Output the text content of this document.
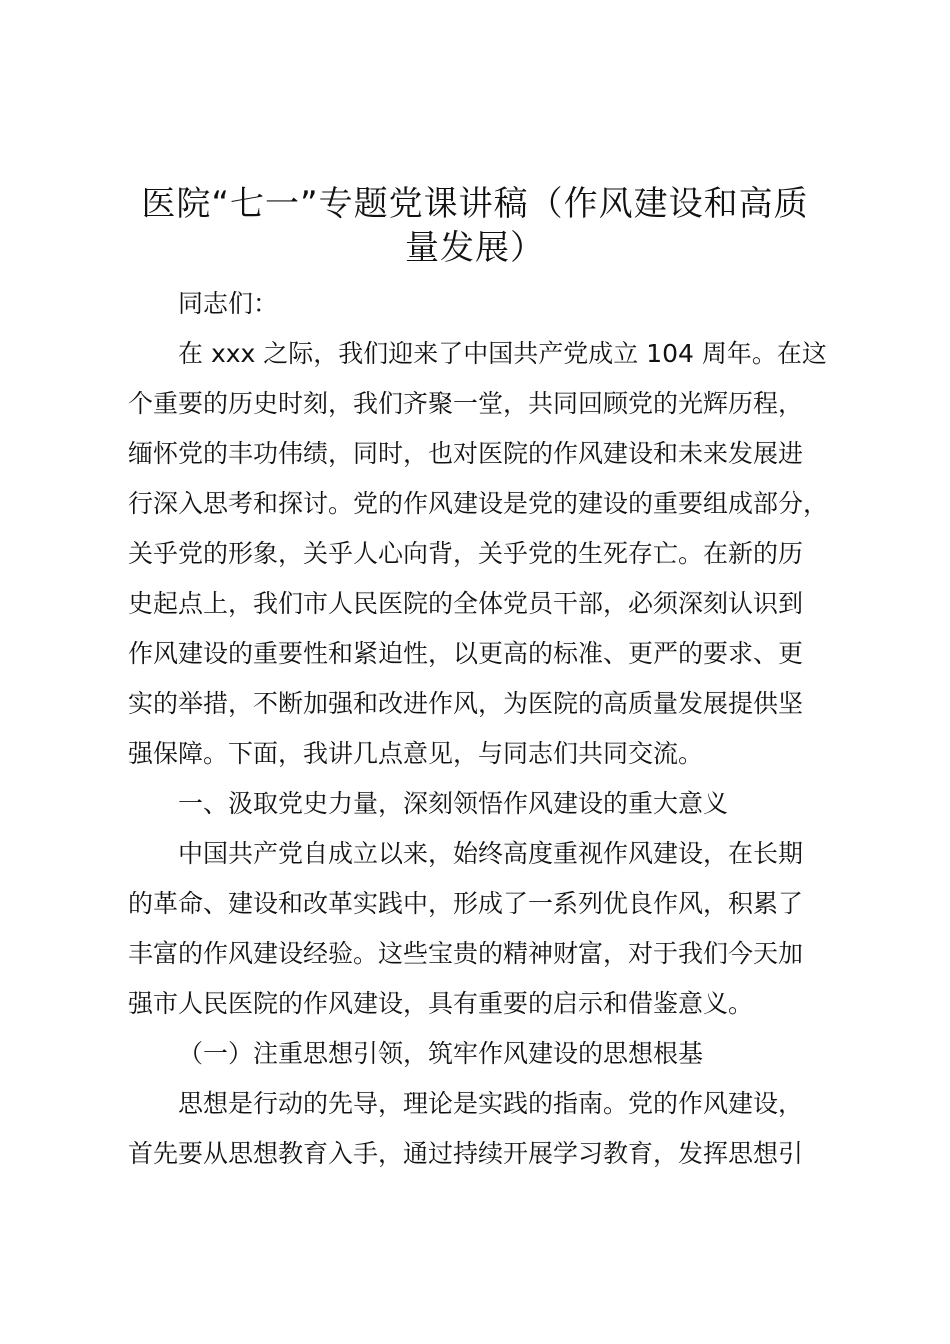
医院“七一”专题党课讲稿（作风建设和高质
量发展）

同志们：

在 xxx 之际，我们迎来了中国共产党成立 104 周年。在这

个重要的历史时刻，我们齐聚一堂，共同回顾党的光辉历程，

缅怀党的丰功伟绩，同时，也对医院的作风建设和未来发展进

行深入思考和探讨。党的作风建设是党的建设的重要组成部分，

关乎党的形象，关乎人心向背，关乎党的生死存亡。在新的历

史起点上，我们市人民医院的全体党员干部，必须深刻认识到

作风建设的重要性和紧迫性，以更高的标准、更严的要求、更

实的举措，不断加强和改进作风，为医院的高质量发展提供坚

强保障。下面，我讲几点意见，与同志们共同交流。

一、汲取党史力量，深刻领悟作风建设的重大意义

中国共产党自成立以来，始终高度重视作风建设，在长期

的革命、建设和改革实践中，形成了一系列优良作风，积累了

丰富的作风建设经验。这些宝贵的精神财富，对于我们今天加

强市人民医院的作风建设，具有重要的启示和借鉴意义。

（一）注重思想引领，筑牢作风建设的思想根基

思想是行动的先导，理论是实践的指南。党的作风建设，

首先要从思想教育入手，通过持续开展学习教育，发挥思想引
